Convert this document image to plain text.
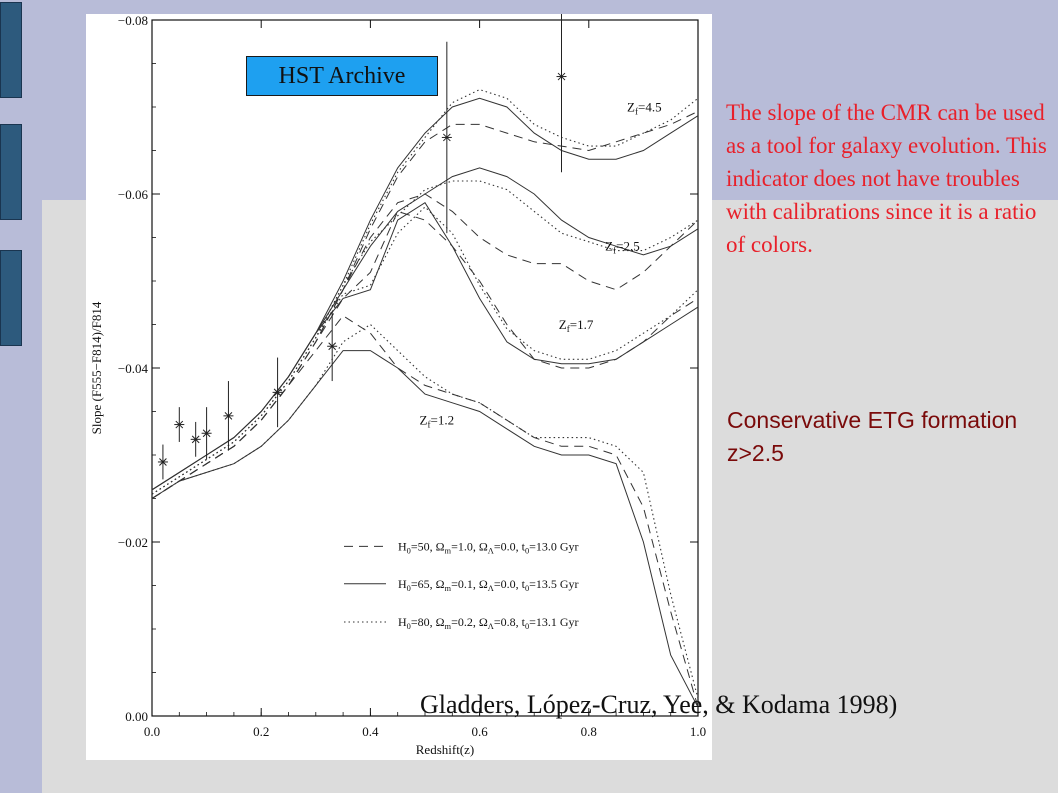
0.0	0.2	0.4	0.6	0.8	1.0
0.00
−0.02
−0.04
−0.06
−0.08
Redshift(z)
Slope (F555−F814)/F814
$Z_f=4.5$
$Z_f=2.5$
$Z_f=1.7$
$Z_f=1.2$
$H_0=50$, $\Omega_m=1.0$, $\Omega_\Lambda=0.0$, $t_0=13.0$ Gyr
$H_0=65$, $\Omega_m=0.1$, $\Omega_\Lambda=0.0$, $t_0=13.5$ Gyr
$H_0=80$, $\Omega_m=0.2$, $\Omega_\Lambda=0.8$, $t_0=13.1$ Gyr
HST Archive

The slope of the CMR can be used as a tool for galaxy evolution. This indicator does not have troubles with calibrations since it is a ratio of colors.

Conservative ETG formation z>2.5

Gladders, López-Cruz, Yee, & Kodama 1998)
